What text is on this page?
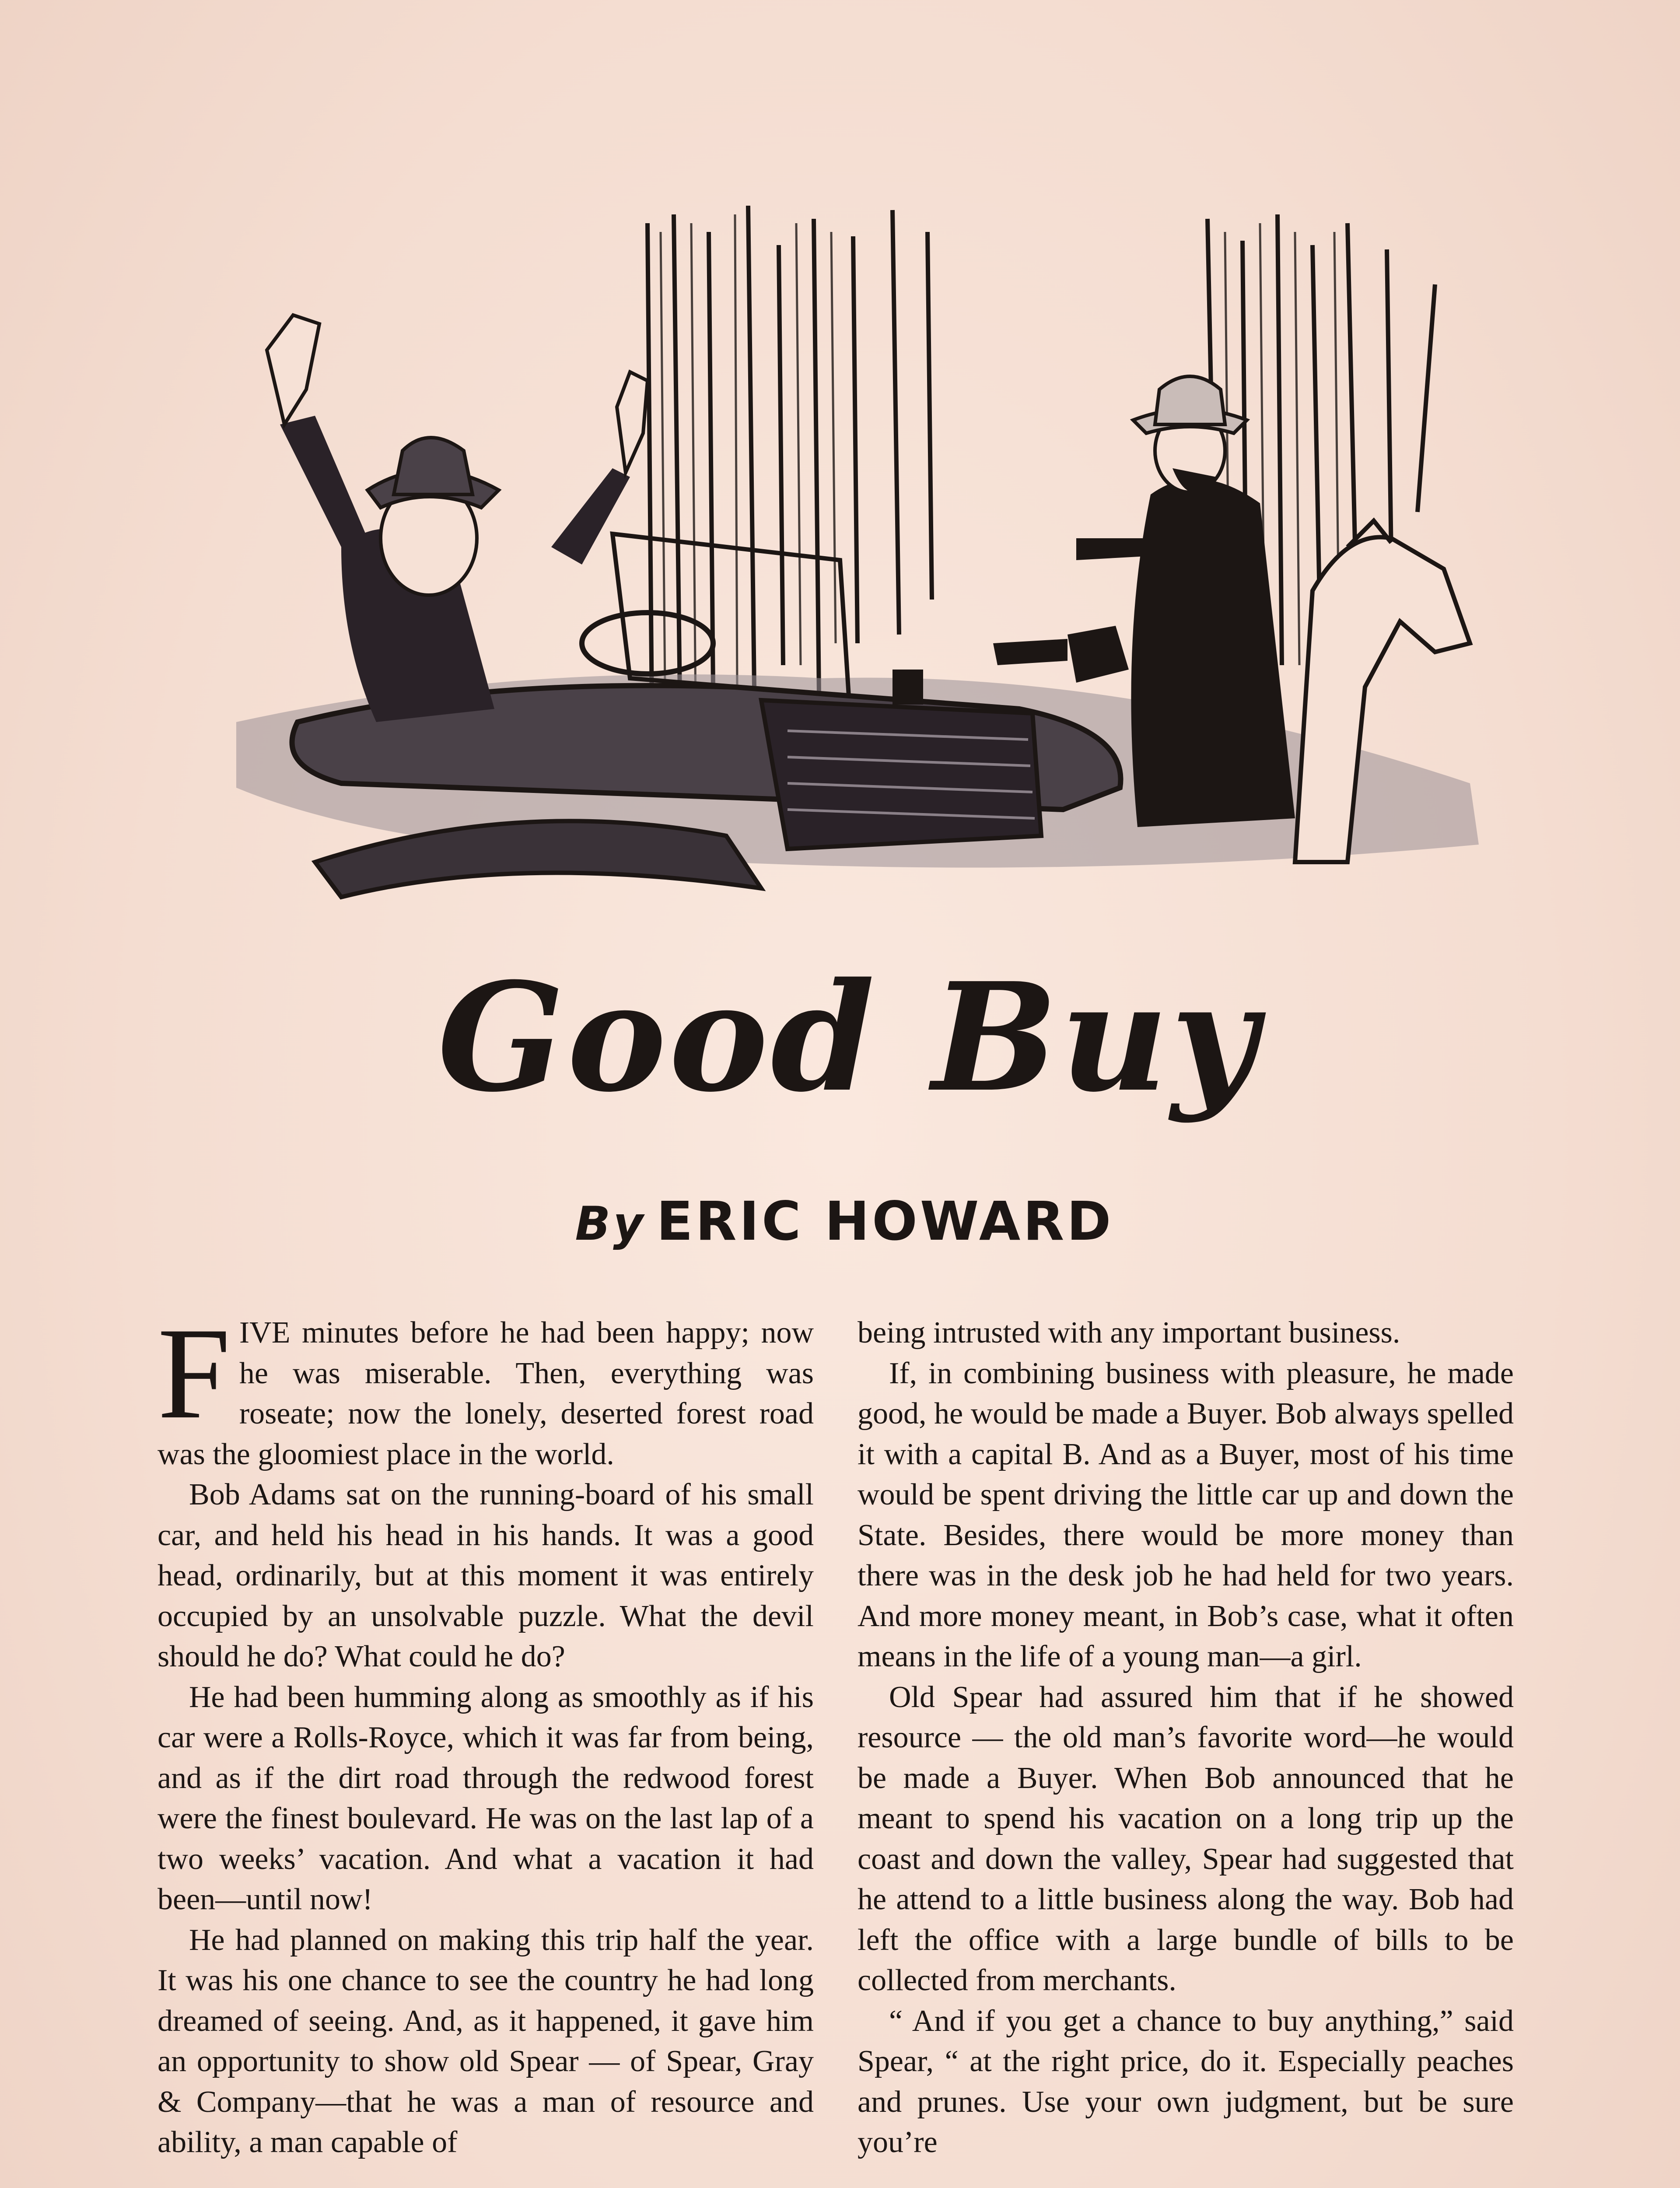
Good Buy
By ERIC HOWARD

FIVE minutes before he had been happy; now he was miserable. Then, everything was roseate; now the lonely, deserted forest road was the gloomiest place in the world.

Bob Adams sat on the running-board of his small car, and held his head in his hands. It was a good head, ordinarily, but at this moment it was entirely occupied by an unsolvable puzzle. What the devil should he do? What could he do?

He had been humming along as smoothly as if his car were a Rolls-Royce, which it was far from being, and as if the dirt road through the redwood forest were the finest boulevard. He was on the last lap of a two weeks’ vacation. And what a vacation it had been—until now!

He had planned on making this trip half the year. It was his one chance to see the country he had long dreamed of seeing. And, as it happened, it gave him an opportunity to show old Spear — of Spear, Gray & Company—that he was a man of resource and ability, a man capable of

being intrusted with any important business.

If, in combining business with pleasure, he made good, he would be made a Buyer. Bob always spelled it with a capital B. And as a Buyer, most of his time would be spent driving the little car up and down the State. Besides, there would be more money than there was in the desk job he had held for two years. And more money meant, in Bob’s case, what it often means in the life of a young man—a girl.

Old Spear had assured him that if he showed resource — the old man’s favorite word—he would be made a Buyer. When Bob announced that he meant to spend his vacation on a long trip up the coast and down the valley, Spear had suggested that he attend to a little business along the way. Bob had left the office with a large bundle of bills to be collected from merchants.

“ And if you get a chance to buy anything,” said Spear, “ at the right price, do it. Especially peaches and prunes. Use your own judgment, but be sure you’re
